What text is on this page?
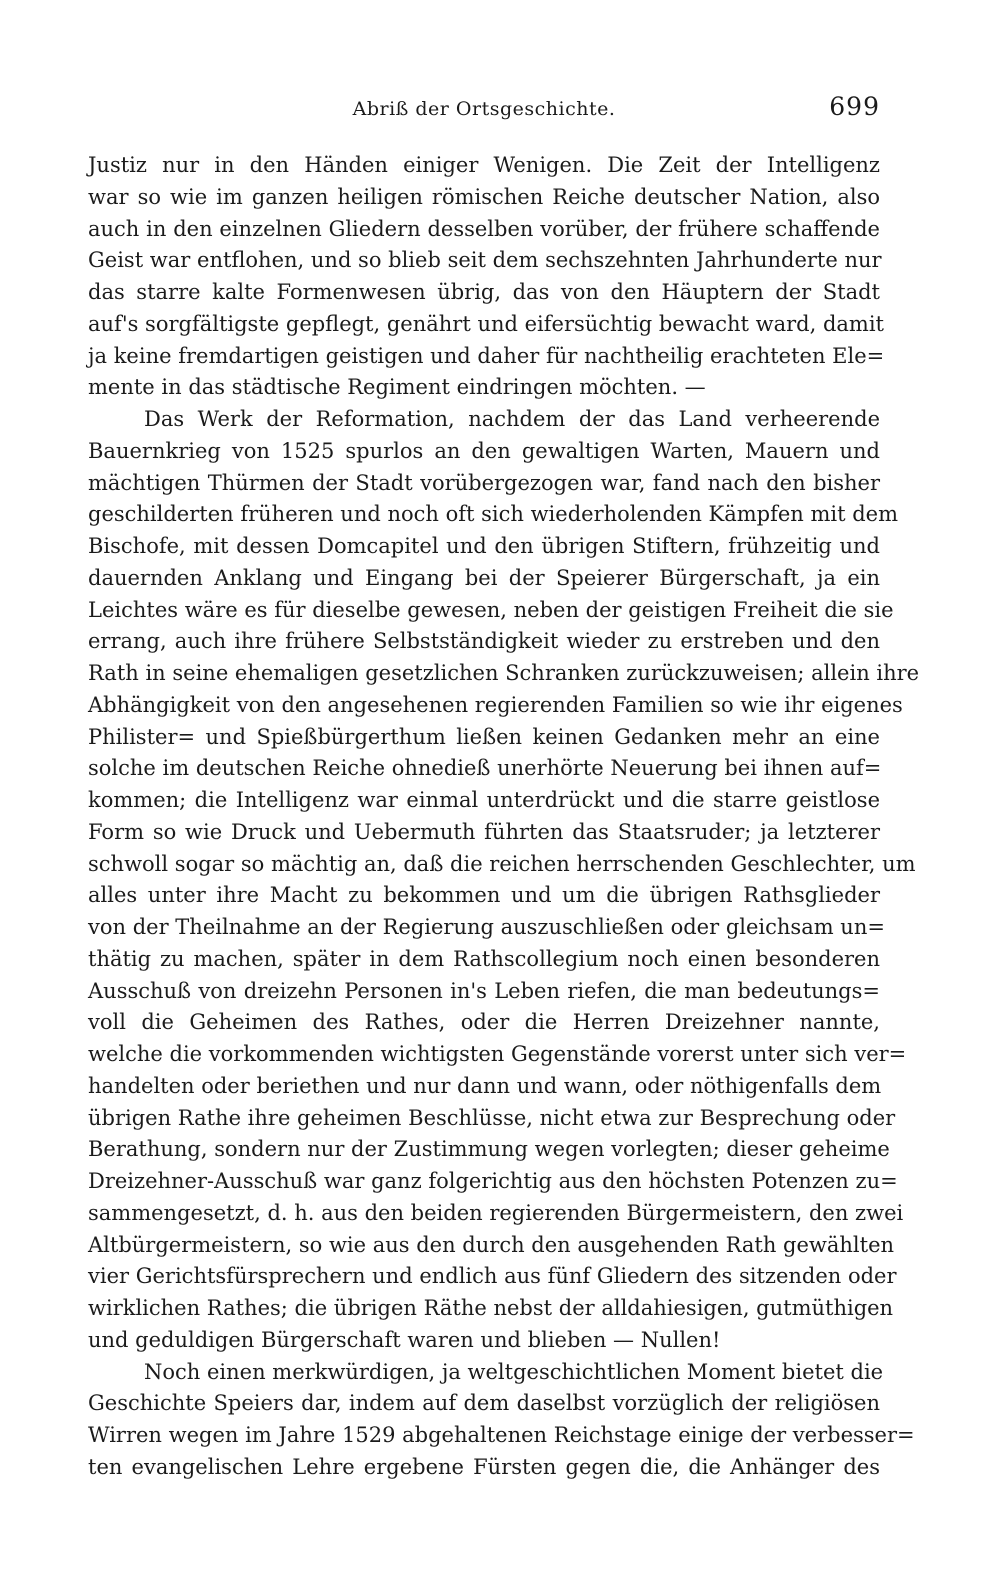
Abriß der Ortsgeschichte.	699
Justiz nur in den Händen einiger Wenigen. Die Zeit der Intelligenz
war so wie im ganzen heiligen römischen Reiche deutscher Nation, also
auch in den einzelnen Gliedern desselben vorüber, der frühere schaffende
Geist war entflohen, und so blieb seit dem sechszehnten Jahrhunderte nur
das starre kalte Formenwesen übrig, das von den Häuptern der Stadt
auf's sorgfältigste gepflegt, genährt und eifersüchtig bewacht ward, damit
ja keine fremdartigen geistigen und daher für nachtheilig erachteten Ele=
mente in das städtische Regiment eindringen möchten. —
Das Werk der Reformation, nachdem der das Land verheerende
Bauernkrieg von 1525 spurlos an den gewaltigen Warten, Mauern und
mächtigen Thürmen der Stadt vorübergezogen war, fand nach den bisher
geschilderten früheren und noch oft sich wiederholenden Kämpfen mit dem
Bischofe, mit dessen Domcapitel und den übrigen Stiftern, frühzeitig und
dauernden Anklang und Eingang bei der Speierer Bürgerschaft, ja ein
Leichtes wäre es für dieselbe gewesen, neben der geistigen Freiheit die sie
errang, auch ihre frühere Selbstständigkeit wieder zu erstreben und den
Rath in seine ehemaligen gesetzlichen Schranken zurückzuweisen; allein ihre
Abhängigkeit von den angesehenen regierenden Familien so wie ihr eigenes
Philister= und Spießbürgerthum ließen keinen Gedanken mehr an eine
solche im deutschen Reiche ohnedieß unerhörte Neuerung bei ihnen auf=
kommen; die Intelligenz war einmal unterdrückt und die starre geistlose
Form so wie Druck und Uebermuth führten das Staatsruder; ja letzterer
schwoll sogar so mächtig an, daß die reichen herrschenden Geschlechter, um
alles unter ihre Macht zu bekommen und um die übrigen Rathsglieder
von der Theilnahme an der Regierung auszuschließen oder gleichsam un=
thätig zu machen, später in dem Rathscollegium noch einen besonderen
Ausschuß von dreizehn Personen in's Leben riefen, die man bedeutungs=
voll die Geheimen des Rathes, oder die Herren Dreizehner nannte,
welche die vorkommenden wichtigsten Gegenstände vorerst unter sich ver=
handelten oder beriethen und nur dann und wann, oder nöthigenfalls dem
übrigen Rathe ihre geheimen Beschlüsse, nicht etwa zur Besprechung oder
Berathung, sondern nur der Zustimmung wegen vorlegten; dieser geheime
Dreizehner-Ausschuß war ganz folgerichtig aus den höchsten Potenzen zu=
sammengesetzt, d. h. aus den beiden regierenden Bürgermeistern, den zwei
Altbürgermeistern, so wie aus den durch den ausgehenden Rath gewählten
vier Gerichtsfürsprechern und endlich aus fünf Gliedern des sitzenden oder
wirklichen Rathes; die übrigen Räthe nebst der alldahiesigen, gutmüthigen
und geduldigen Bürgerschaft waren und blieben — Nullen!
Noch einen merkwürdigen, ja weltgeschichtlichen Moment bietet die
Geschichte Speiers dar, indem auf dem daselbst vorzüglich der religiösen
Wirren wegen im Jahre 1529 abgehaltenen Reichstage einige der verbesser=
ten evangelischen Lehre ergebene Fürsten gegen die, die Anhänger des
